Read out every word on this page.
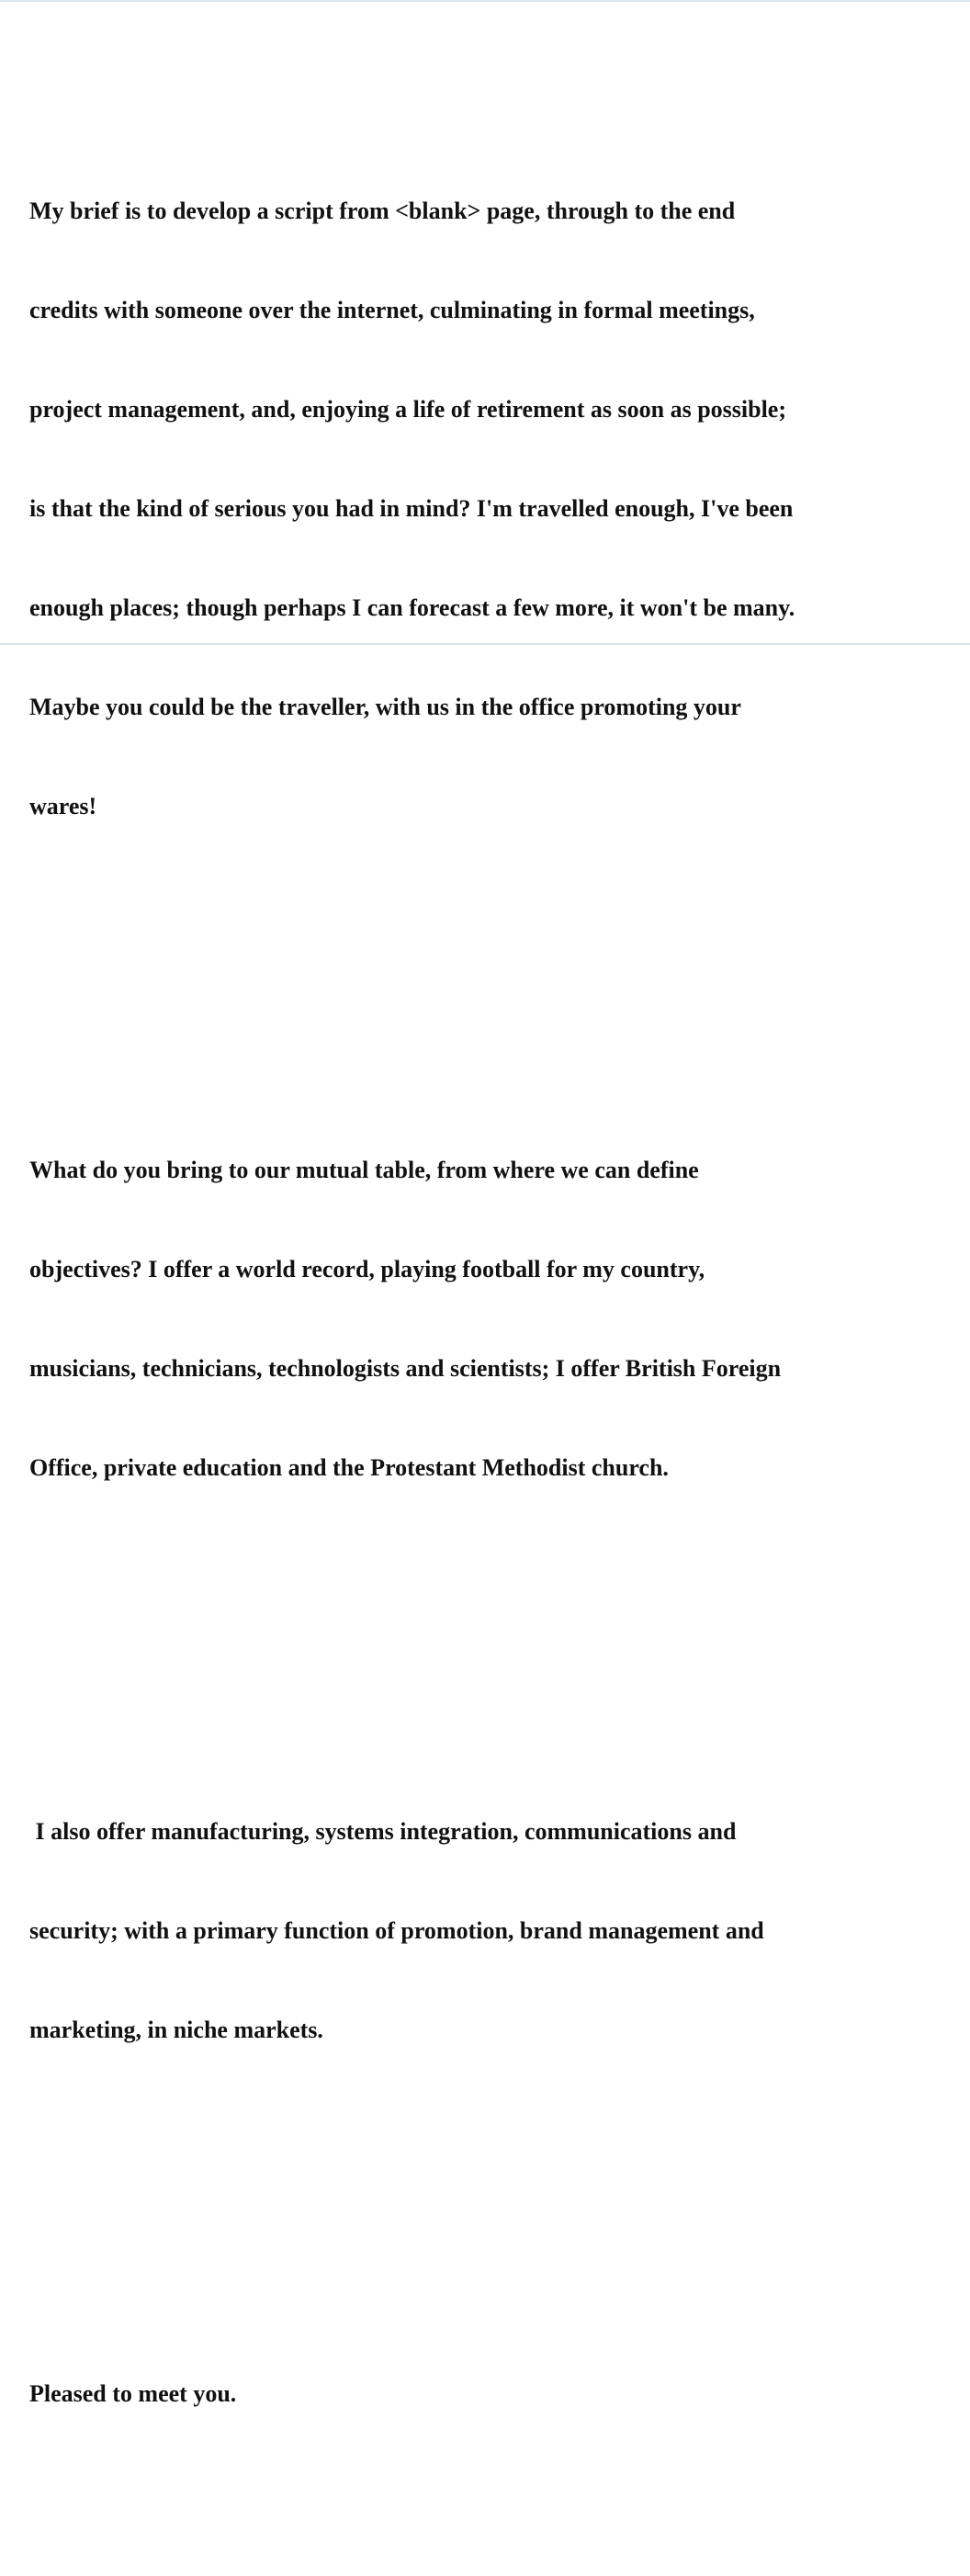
My brief is to develop a script from <blank> page, through to the end

credits with someone over the internet, culminating in formal meetings,

project management, and, enjoying a life of retirement as soon as possible;

is that the kind of serious you had in mind? I'm travelled enough, I've been

enough places; though perhaps I can forecast a few more, it won't be many.

Maybe you could be the traveller, with us in the office promoting your

wares!

What do you bring to our mutual table, from where we can define

objectives? I offer a world record, playing football for my country,

musicians, technicians, technologists and scientists; I offer British Foreign

Office, private education and the Protestant Methodist church.

I also offer manufacturing, systems integration, communications and

security; with a primary function of promotion, brand management and

marketing, in niche markets.

Pleased to meet you.
